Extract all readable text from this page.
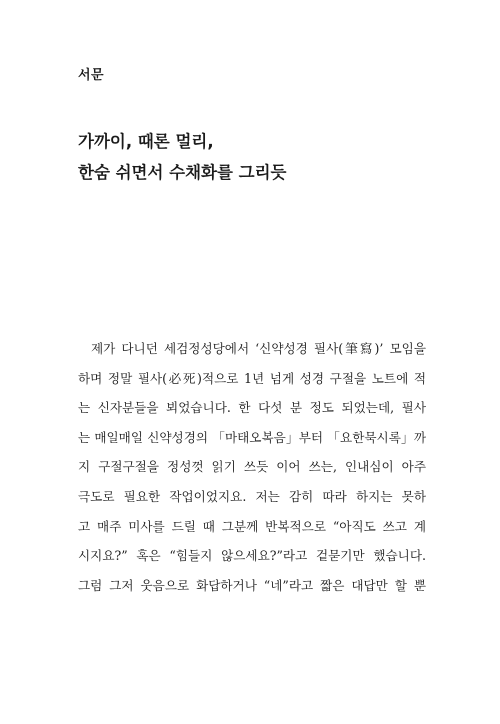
서문
가까이, 때론 멀리,
한숨 쉬면서 수채화를 그리듯

제가 다니던 세검정성당에서 ‘신약성경 필사(筆寫)’ 모임을
하며 정말 필사(必死)적으로 1년 넘게 성경 구절을 노트에 적
는 신자분들을 뵈었습니다. 한 다섯 분 정도 되었는데, 필사
는 매일매일 신약성경의 「마태오복음」부터 「요한묵시록」까
지 구절구절을 정성껏 읽기 쓰듯 이어 쓰는, 인내심이 아주
극도로 필요한 작업이었지요. 저는 감히 따라 하지는 못하
고 매주 미사를 드릴 때 그분께 반복적으로 “아직도 쓰고 계
시지요?” 혹은 “힘들지 않으세요?”라고 겉묻기만 했습니다.
그럼 그저 웃음으로 화답하거나 “네”라고 짧은 대답만 할 뿐
